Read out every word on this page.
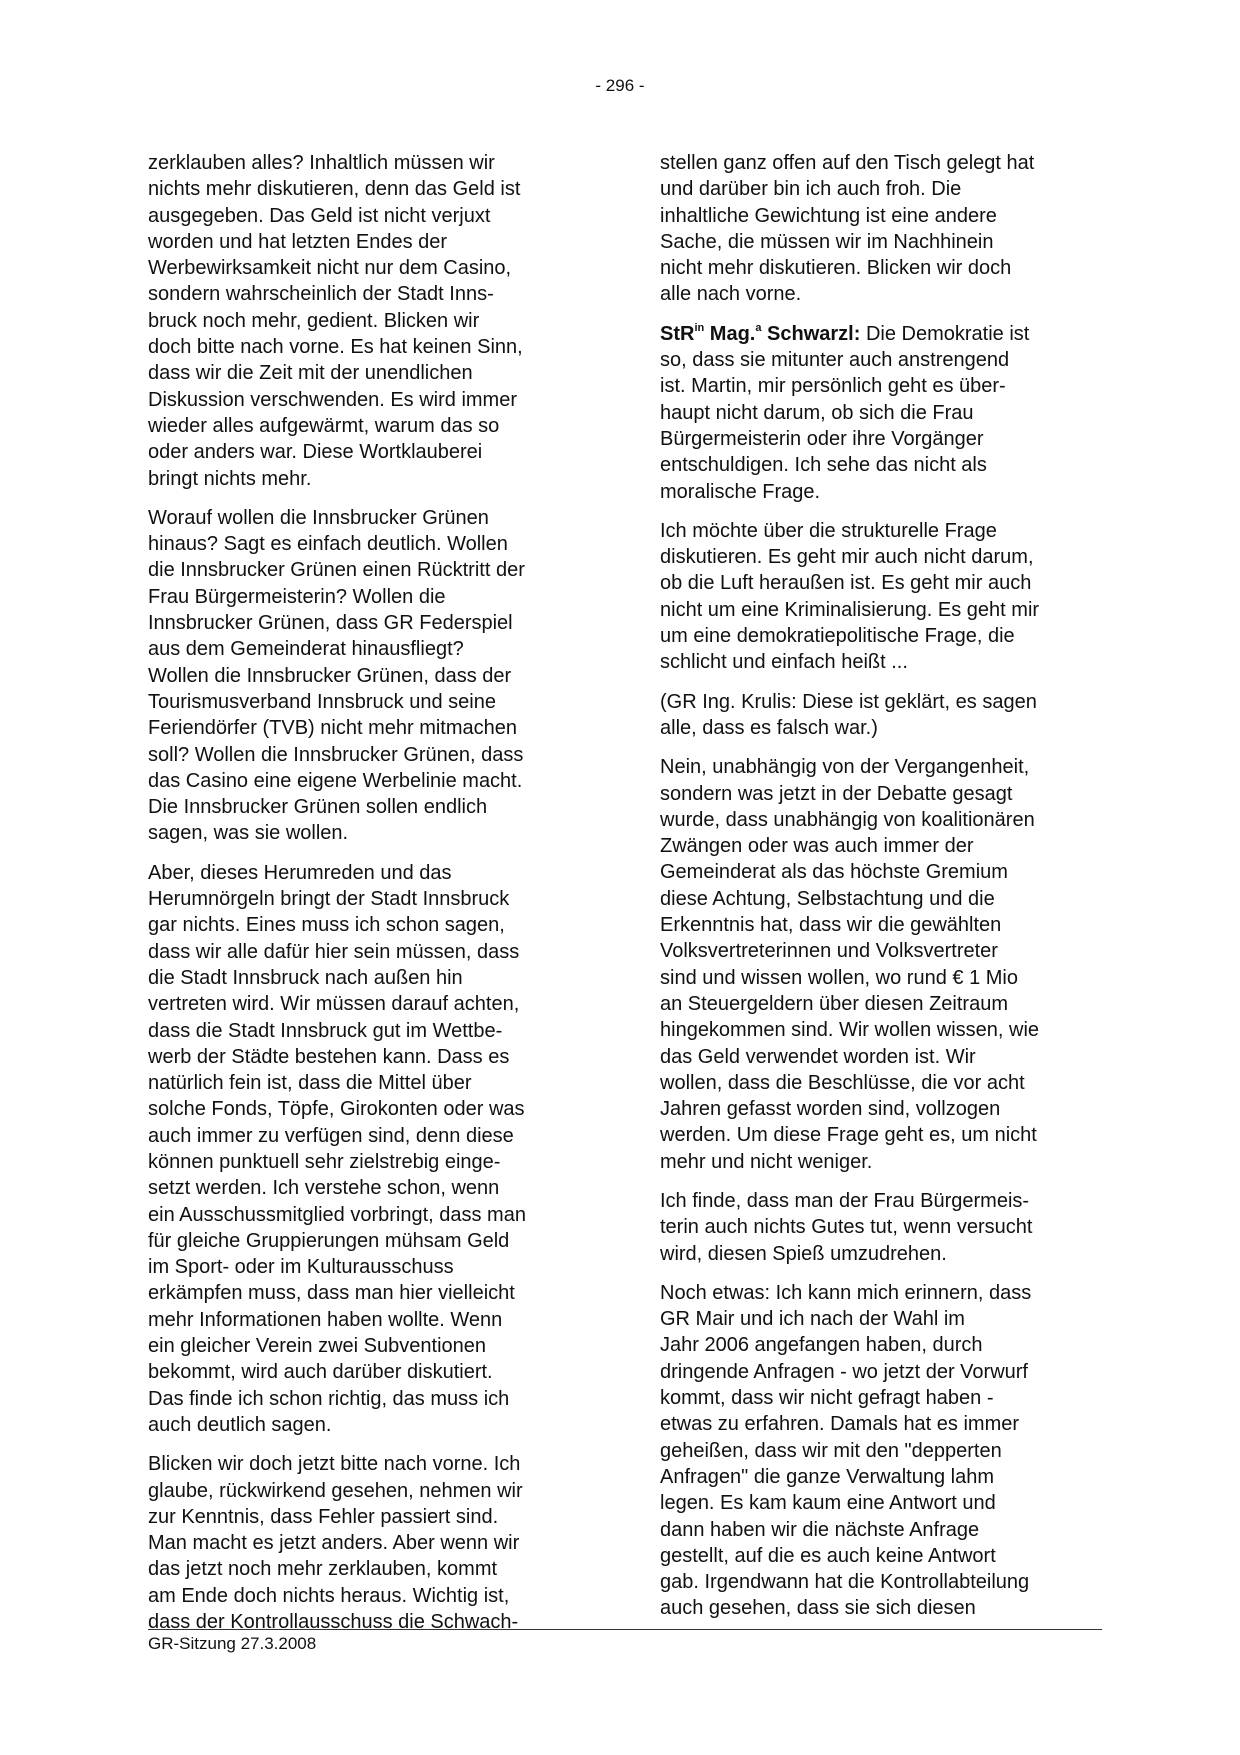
- 296 -

zerklauben alles? Inhaltlich müssen wir
nichts mehr diskutieren, denn das Geld ist
ausgegeben. Das Geld ist nicht verjuxt
worden und hat letzten Endes der
Werbewirksamkeit nicht nur dem Casino,
sondern wahrscheinlich der Stadt Inns-
bruck noch mehr, gedient. Blicken wir
doch bitte nach vorne. Es hat keinen Sinn,
dass wir die Zeit mit der unendlichen
Diskussion verschwenden. Es wird immer
wieder alles aufgewärmt, warum das so
oder anders war. Diese Wortklauberei
bringt nichts mehr.

Worauf wollen die Innsbrucker Grünen
hinaus? Sagt es einfach deutlich. Wollen
die Innsbrucker Grünen einen Rücktritt der
Frau Bürgermeisterin? Wollen die
Innsbrucker Grünen, dass GR Federspiel
aus dem Gemeinderat hinausfliegt?
Wollen die Innsbrucker Grünen, dass der
Tourismusverband Innsbruck und seine
Feriendörfer (TVB) nicht mehr mitmachen
soll? Wollen die Innsbrucker Grünen, dass
das Casino eine eigene Werbelinie macht.
Die Innsbrucker Grünen sollen endlich
sagen, was sie wollen.

Aber, dieses Herumreden und das
Herumnörgeln bringt der Stadt Innsbruck
gar nichts. Eines muss ich schon sagen,
dass wir alle dafür hier sein müssen, dass
die Stadt Innsbruck nach außen hin
vertreten wird. Wir müssen darauf achten,
dass die Stadt Innsbruck gut im Wettbe-
werb der Städte bestehen kann. Dass es
natürlich fein ist, dass die Mittel über
solche Fonds, Töpfe, Girokonten oder was
auch immer zu verfügen sind, denn diese
können punktuell sehr zielstrebig einge-
setzt werden. Ich verstehe schon, wenn
ein Ausschussmitglied vorbringt, dass man
für gleiche Gruppierungen mühsam Geld
im Sport- oder im Kulturausschuss
erkämpfen muss, dass man hier vielleicht
mehr Informationen haben wollte. Wenn
ein gleicher Verein zwei Subventionen
bekommt, wird auch darüber diskutiert.
Das finde ich schon richtig, das muss ich
auch deutlich sagen.

Blicken wir doch jetzt bitte nach vorne. Ich
glaube, rückwirkend gesehen, nehmen wir
zur Kenntnis, dass Fehler passiert sind.
Man macht es jetzt anders. Aber wenn wir
das jetzt noch mehr zerklauben, kommt
am Ende doch nichts heraus. Wichtig ist,
dass der Kontrollausschuss die Schwach-

stellen ganz offen auf den Tisch gelegt hat
und darüber bin ich auch froh. Die
inhaltliche Gewichtung ist eine andere
Sache, die müssen wir im Nachhinein
nicht mehr diskutieren. Blicken wir doch
alle nach vorne.

StR$^{in}$ Mag.$^a$ Schwarzl: Die Demokratie ist
so, dass sie mitunter auch anstrengend
ist. Martin, mir persönlich geht es über-
haupt nicht darum, ob sich die Frau
Bürgermeisterin oder ihre Vorgänger
entschuldigen. Ich sehe das nicht als
moralische Frage.

Ich möchte über die strukturelle Frage
diskutieren. Es geht mir auch nicht darum,
ob die Luft heraußen ist. Es geht mir auch
nicht um eine Kriminalisierung. Es geht mir
um eine demokratiepolitische Frage, die
schlicht und einfach heißt ...

(GR Ing. Krulis: Diese ist geklärt, es sagen
alle, dass es falsch war.)

Nein, unabhängig von der Vergangenheit,
sondern was jetzt in der Debatte gesagt
wurde, dass unabhängig von koalitionären
Zwängen oder was auch immer der
Gemeinderat als das höchste Gremium
diese Achtung, Selbstachtung und die
Erkenntnis hat, dass wir die gewählten
Volksvertreterinnen und Volksvertreter
sind und wissen wollen, wo rund € 1 Mio
an Steuergeldern über diesen Zeitraum
hingekommen sind. Wir wollen wissen, wie
das Geld verwendet worden ist. Wir
wollen, dass die Beschlüsse, die vor acht
Jahren gefasst worden sind, vollzogen
werden. Um diese Frage geht es, um nicht
mehr und nicht weniger.

Ich finde, dass man der Frau Bürgermeis-
terin auch nichts Gutes tut, wenn versucht
wird, diesen Spieß umzudrehen.

Noch etwas: Ich kann mich erinnern, dass
GR Mair und ich nach der Wahl im
Jahr 2006 angefangen haben, durch
dringende Anfragen - wo jetzt der Vorwurf
kommt, dass wir nicht gefragt haben -
etwas zu erfahren. Damals hat es immer
geheißen, dass wir mit den "depperten
Anfragen" die ganze Verwaltung lahm
legen. Es kam kaum eine Antwort und
dann haben wir die nächste Anfrage
gestellt, auf die es auch keine Antwort
gab. Irgendwann hat die Kontrollabteilung
auch gesehen, dass sie sich diesen

GR-Sitzung 27.3.2008
